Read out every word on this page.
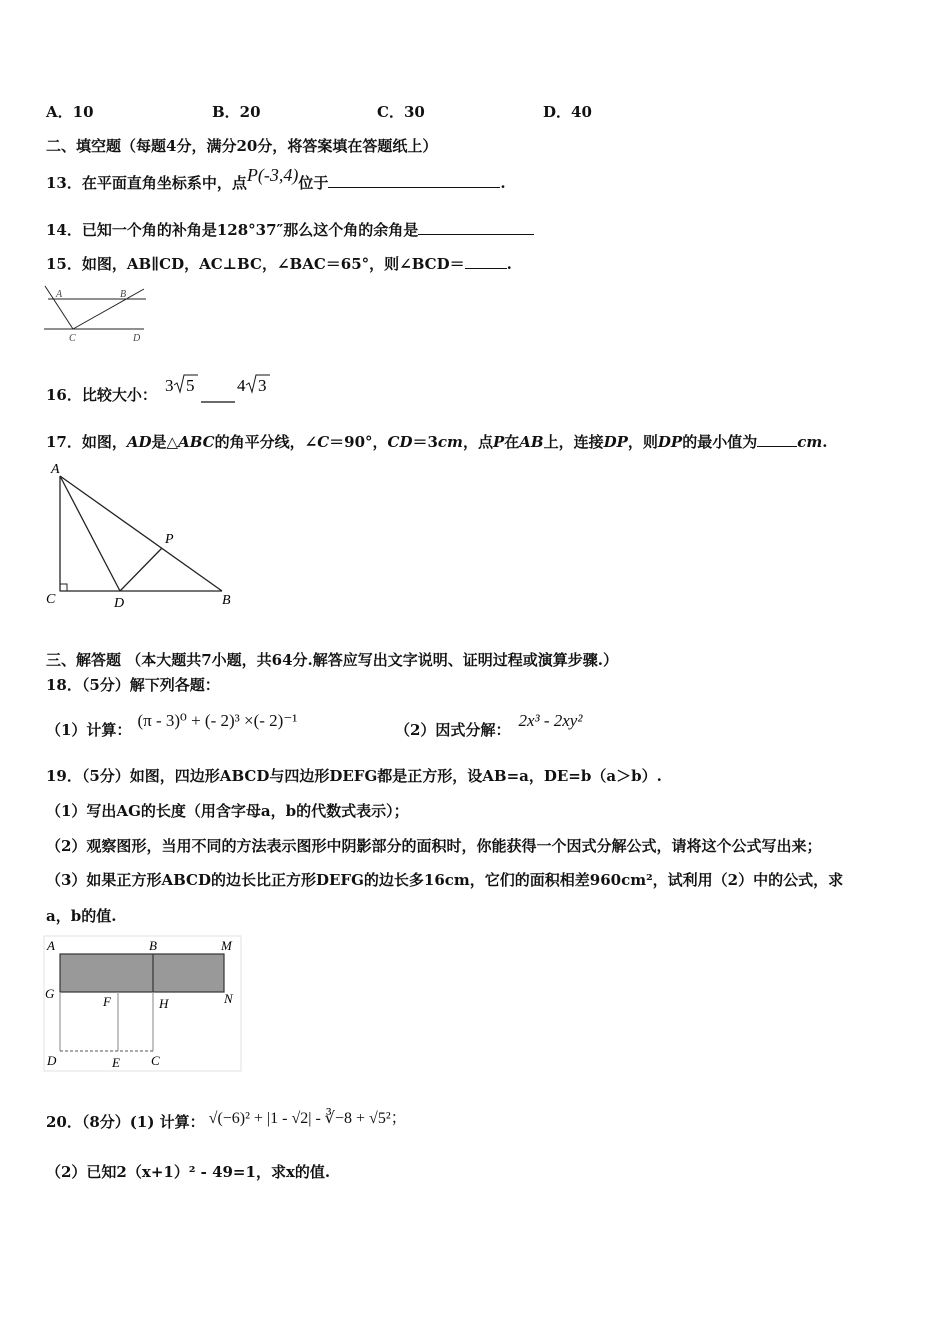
A．10	B．20	C．30	D．40
二、填空题（每题4分，满分20分，将答案填在答题纸上）
13．在平面直角坐标系中，点P(-3,4)位于	.
14．已知一个角的补角是128°37″那么这个角的余角是
15．如图，AB∥CD，AC⊥BC，∠BAC＝65°，则∠BCD＝	.
A	B
C	D
16．比较大小： 3 5	4 3
17．如图，AD是△ABC的角平分线，∠C＝90°，CD＝3cm，点P在AB上，连接DP，则DP的最小值为	cm.
A
C	D	B
P
三、解答题 （本大题共7小题，共64分.解答应写出文字说明、证明过程或演算步骤.）
18．（5分）解下列各题：
（1）计算： (π - 3)⁰ + (- 2)³ ×(- 2)⁻¹	（2）因式分解： 2x³ - 2xy²
19．（5分）如图，四边形ABCD与四边形DEFG都是正方形，设AB=a，DE=b（a＞b）.
（1）写出AG的长度（用含字母a，b的代数式表示）；
（2）观察图形，当用不同的方法表示图形中阴影部分的面积时，你能获得一个因式分解公式，请将这个公式写出来；
（3）如果正方形ABCD的边长比正方形DEFG的边长多16cm，它们的面积相差960cm²，试利用（2）中的公式，求
a，b的值.
A	B	M
G	N
F	H
D	E C
20．（8分）(1) 计算： √(−6)² + |1 - √2| - ∛−8 + √5²；
（2）已知2（x+1）² - 49=1，求x的值.
